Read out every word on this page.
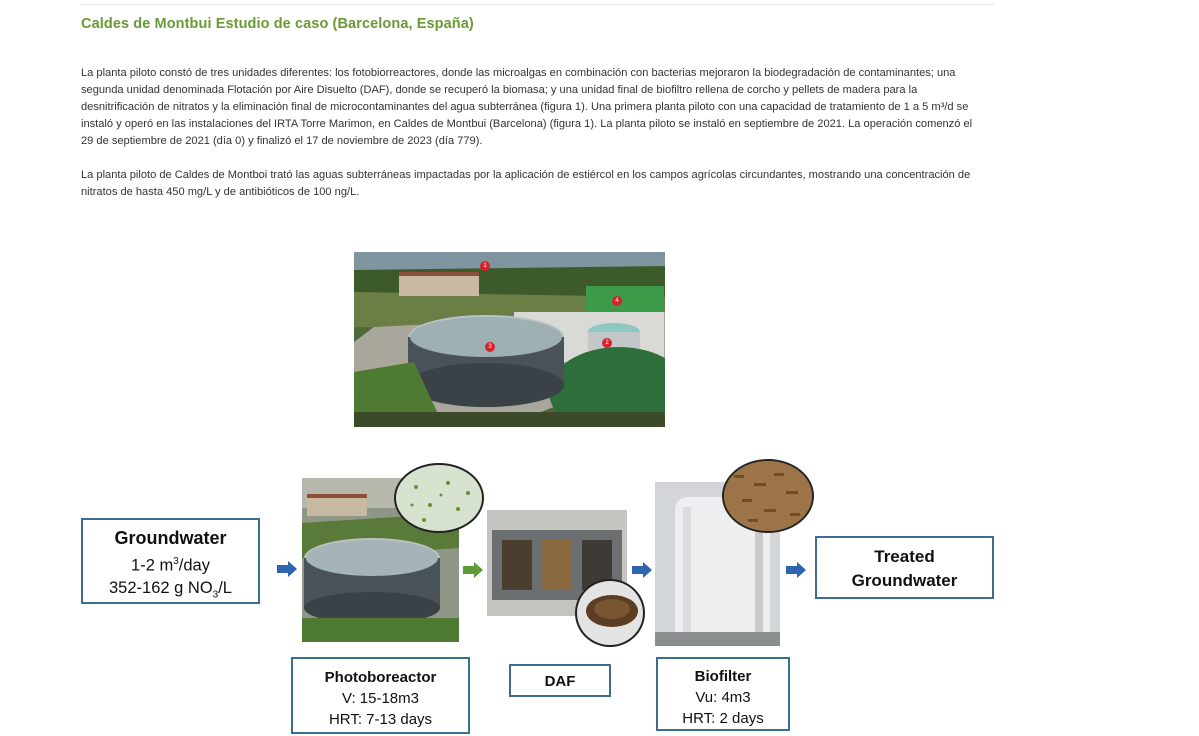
Caldes de Montbui Estudio de caso (Barcelona, España)

La planta piloto constó de tres unidades diferentes: los fotobiorreactores, donde las microalgas en combinación con bacterias mejoraron la biodegradación de contaminantes; una segunda unidad denominada Flotación por Aire Disuelto (DAF), donde se recuperó la biomasa; y una unidad final de biofiltro rellena de corcho y pellets de madera para la desnitrificación de nitratos y la eliminación final de microcontaminantes del agua subterránea (figura 1). Una primera planta piloto con una capacidad de tratamiento de 1 a 5 m³/d se instaló y operó en las instalaciones del IRTA Torre Marimon, en Caldes de Montbui (Barcelona) (figura 1). La planta piloto se instaló en septiembre de 2021. La operación comenzó el 29 de septiembre de 2021 (día 0) y finalizó el 17 de noviembre de 2023 (día 779).

La planta piloto de Caldes de Montboi trató las aguas subterráneas impactadas por la aplicación de estiércol en los campos agrícolas circundantes, mostrando una concentración de nitratos de hasta 450 mg/L y de antibióticos de 100 ng/L.

1
2
3
4
Groundwater
1-2 $m^3$/day
352-162 g $NO_3/L$
Treated
Groundwater
Photoboreactor
V: 15-18m3
HRT: 7-13 days
DAF	Biofilter
Vu: 4m3
HRT: 2 days
